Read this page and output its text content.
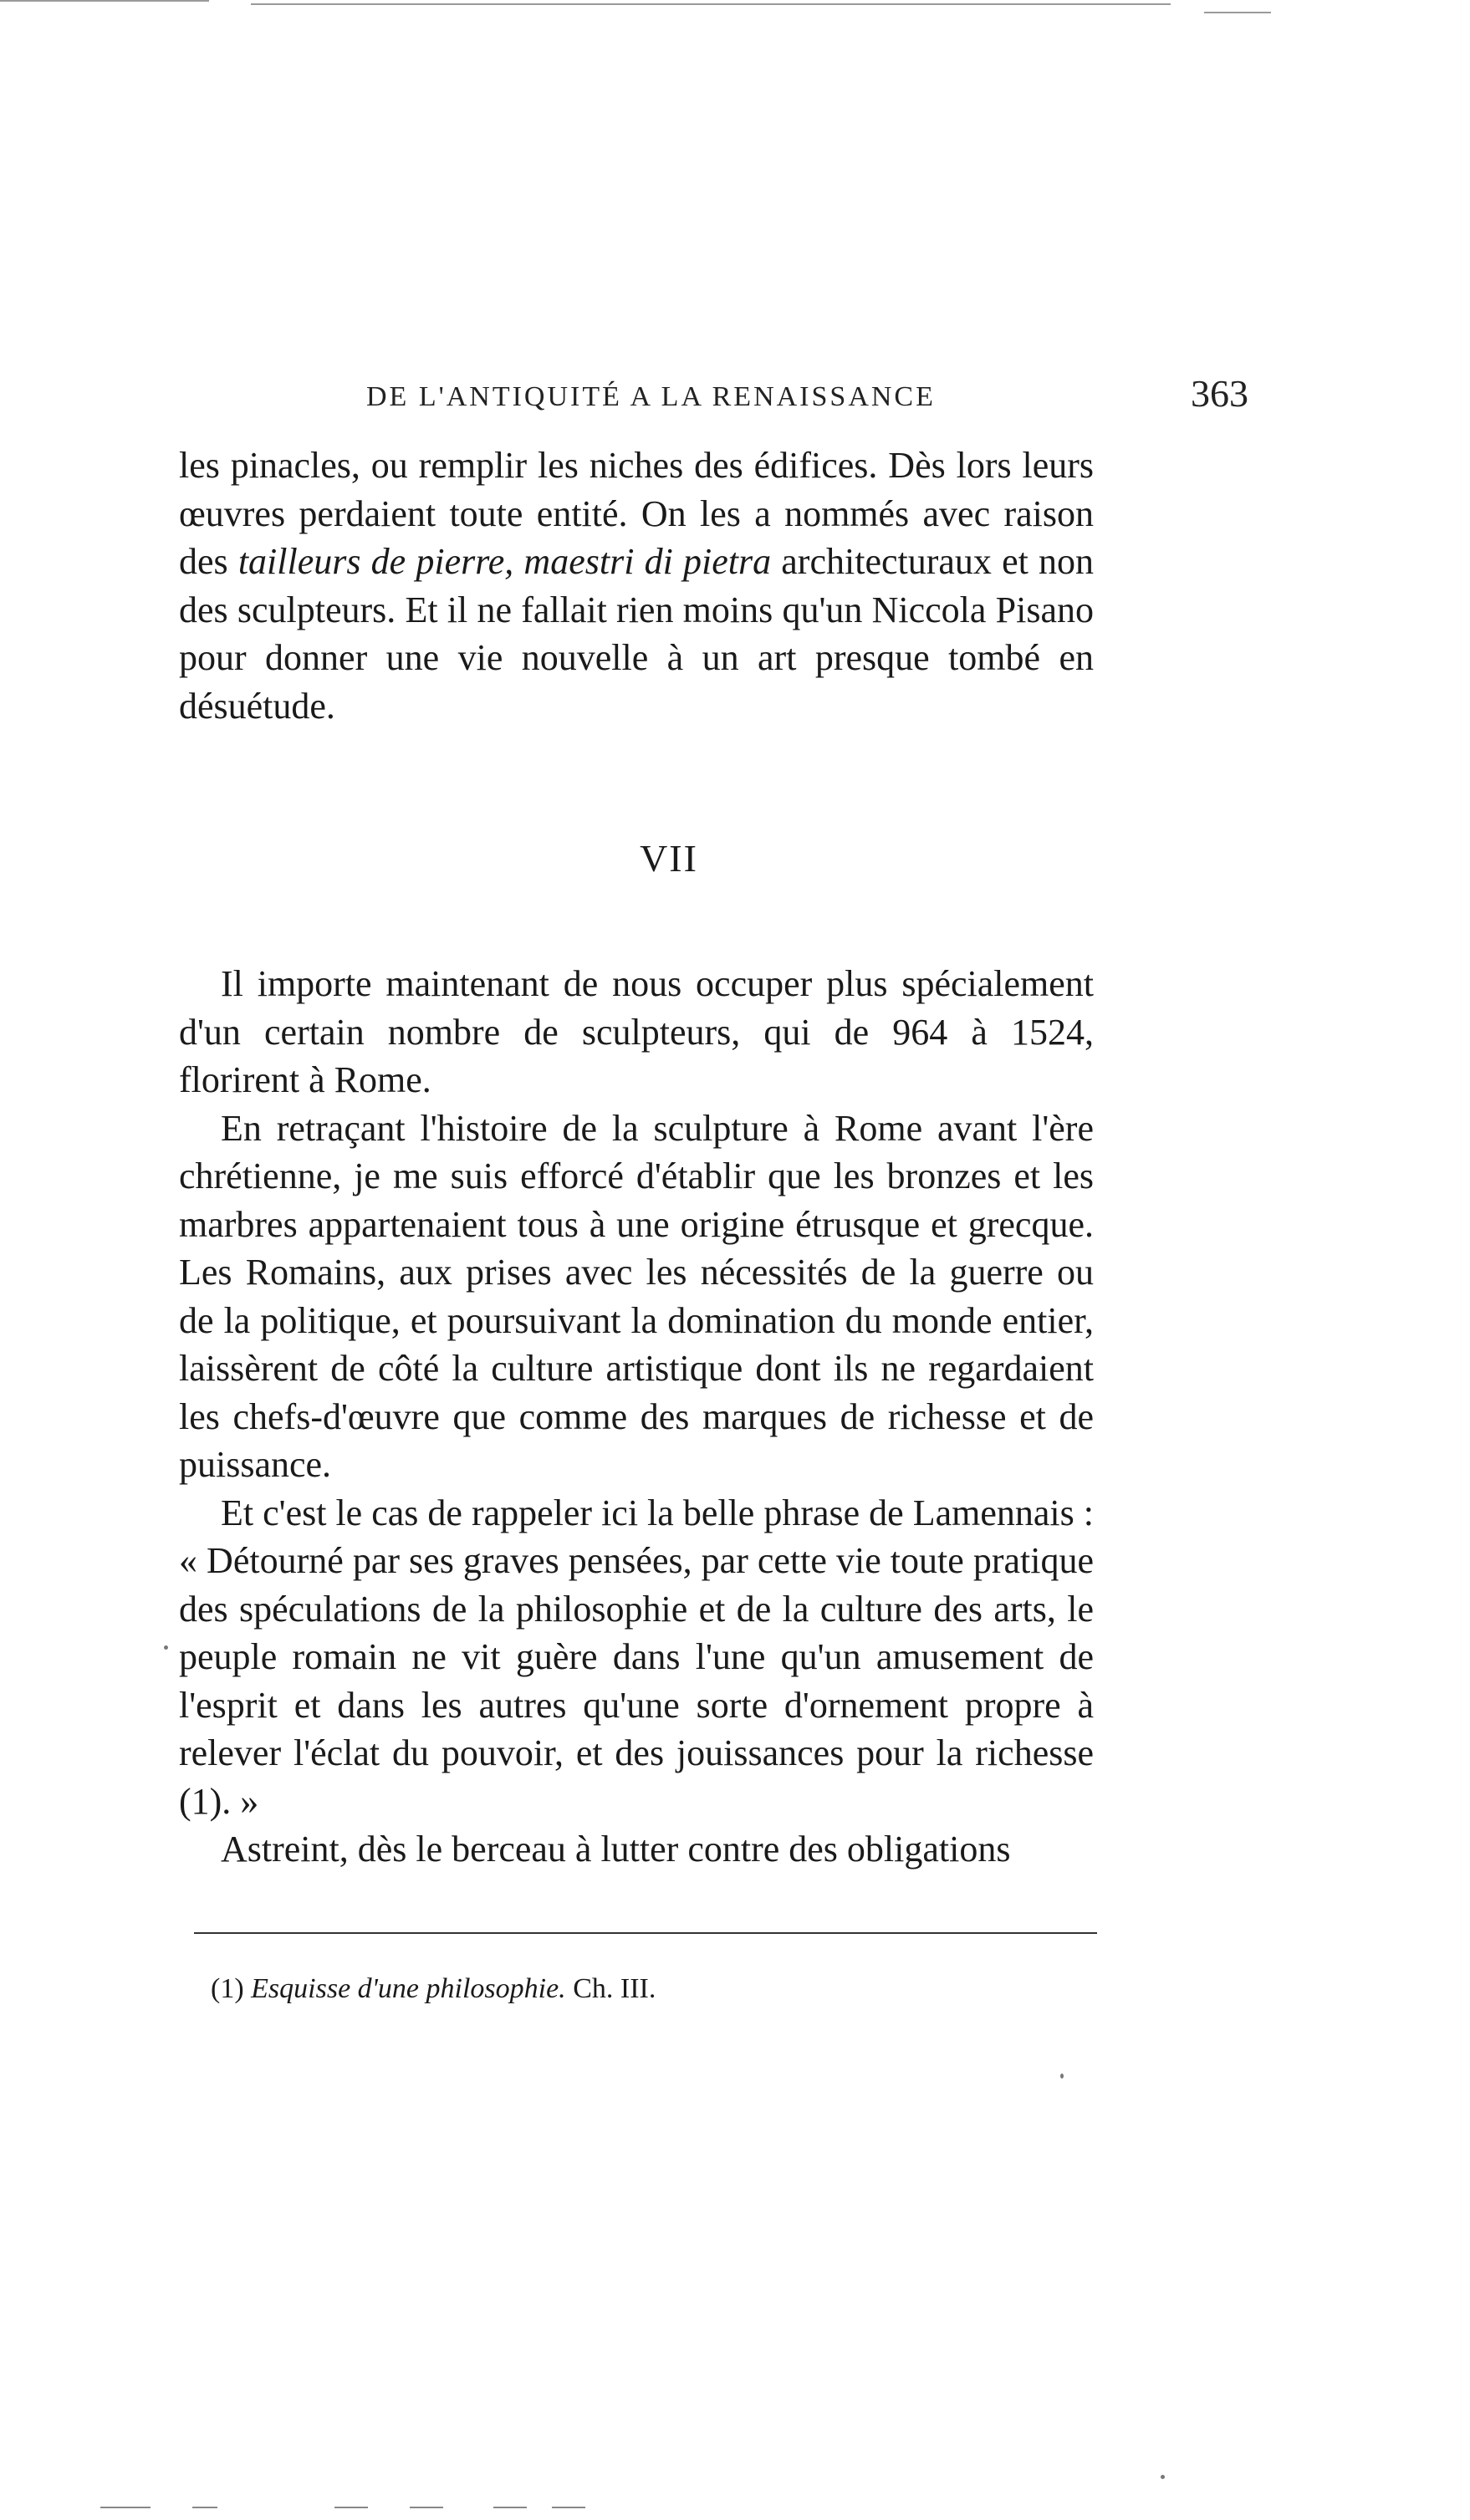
DE L'ANTIQUITÉ A LA RENAISSANCE	363

les pinacles, ou remplir les niches des édifices. Dès lors leurs œuvres perdaient toute entité. On les a nommés avec raison des tailleurs de pierre, maestri di pietra architecturaux et non des sculpteurs. Et il ne fallait rien moins qu'un Niccola Pisano pour donner une vie nouvelle à un art presque tombé en désuétude.

VII

Il importe maintenant de nous occuper plus spécialement d'un certain nombre de sculpteurs, qui de 964 à 1524, florirent à Rome.

En retraçant l'histoire de la sculpture à Rome avant l'ère chrétienne, je me suis efforcé d'établir que les bronzes et les marbres appartenaient tous à une origine étrusque et grecque. Les Romains, aux prises avec les nécessités de la guerre ou de la politique, et poursuivant la domination du monde entier, laissèrent de côté la culture artistique dont ils ne regardaient les chefs-d'œuvre que comme des marques de richesse et de puissance.

Et c'est le cas de rappeler ici la belle phrase de Lamennais : « Détourné par ses graves pensées, par cette vie toute pratique des spéculations de la philosophie et de la culture des arts, le peuple romain ne vit guère dans l'une qu'un amusement de l'esprit et dans les autres qu'une sorte d'ornement propre à relever l'éclat du pouvoir, et des jouissances pour la richesse (1). »

Astreint, dès le berceau à lutter contre des obligations

(1) Esquisse d'une philosophie. Ch. III.
